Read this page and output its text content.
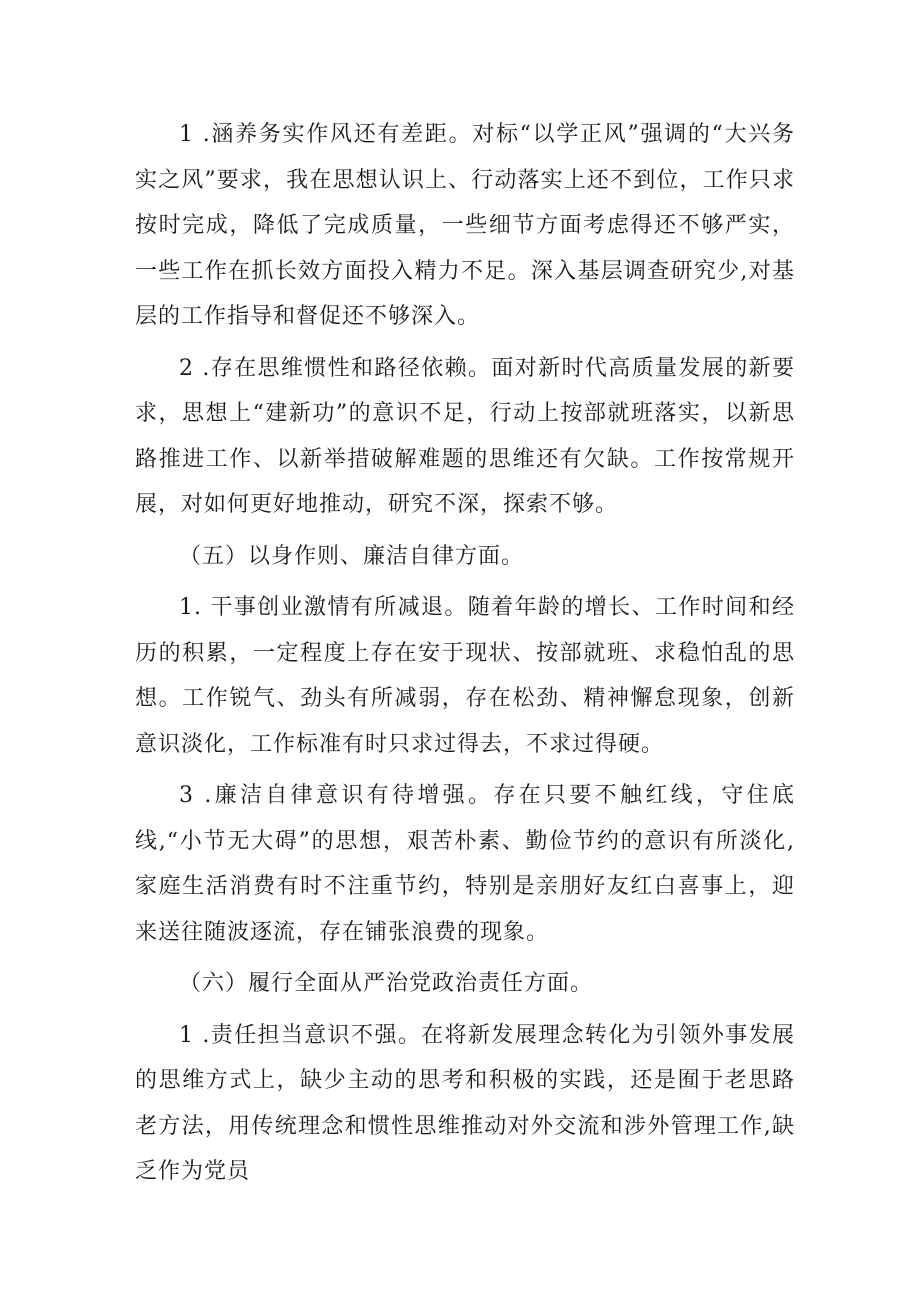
1 .涵养务实作风还有差距。对标“以学正风”强调的“大兴务实之风”要求，我在思想认识上、行动落实上还不到位，工作只求按时完成，降低了完成质量，一些细节方面考虑得还不够严实，一些工作在抓长效方面投入精力不足。深入基层调查研究少,对基层的工作指导和督促还不够深入。

2 .存在思维惯性和路径依赖。面对新时代高质量发展的新要求，思想上“建新功”的意识不足，行动上按部就班落实，以新思路推进工作、以新举措破解难题的思维还有欠缺。工作按常规开展，对如何更好地推动，研究不深，探索不够。

（五）以身作则、廉洁自律方面。

1. 干事创业激情有所减退。随着年龄的增长、工作时间和经历的积累，一定程度上存在安于现状、按部就班、求稳怕乱的思想。工作锐气、劲头有所减弱，存在松劲、精神懈怠现象，创新意识淡化，工作标准有时只求过得去，不求过得硬。

3 .廉洁自律意识有待增强。存在只要不触红线，守住底线,“小节无大碍”的思想，艰苦朴素、勤俭节约的意识有所淡化,家庭生活消费有时不注重节约，特别是亲朋好友红白喜事上，迎来送往随波逐流，存在铺张浪费的现象。

（六）履行全面从严治党政治责任方面。

1 .责任担当意识不强。在将新发展理念转化为引领外事发展的思维方式上，缺少主动的思考和积极的实践，还是囿于老思路老方法，用传统理念和惯性思维推动对外交流和涉外管理工作,缺乏作为党员
